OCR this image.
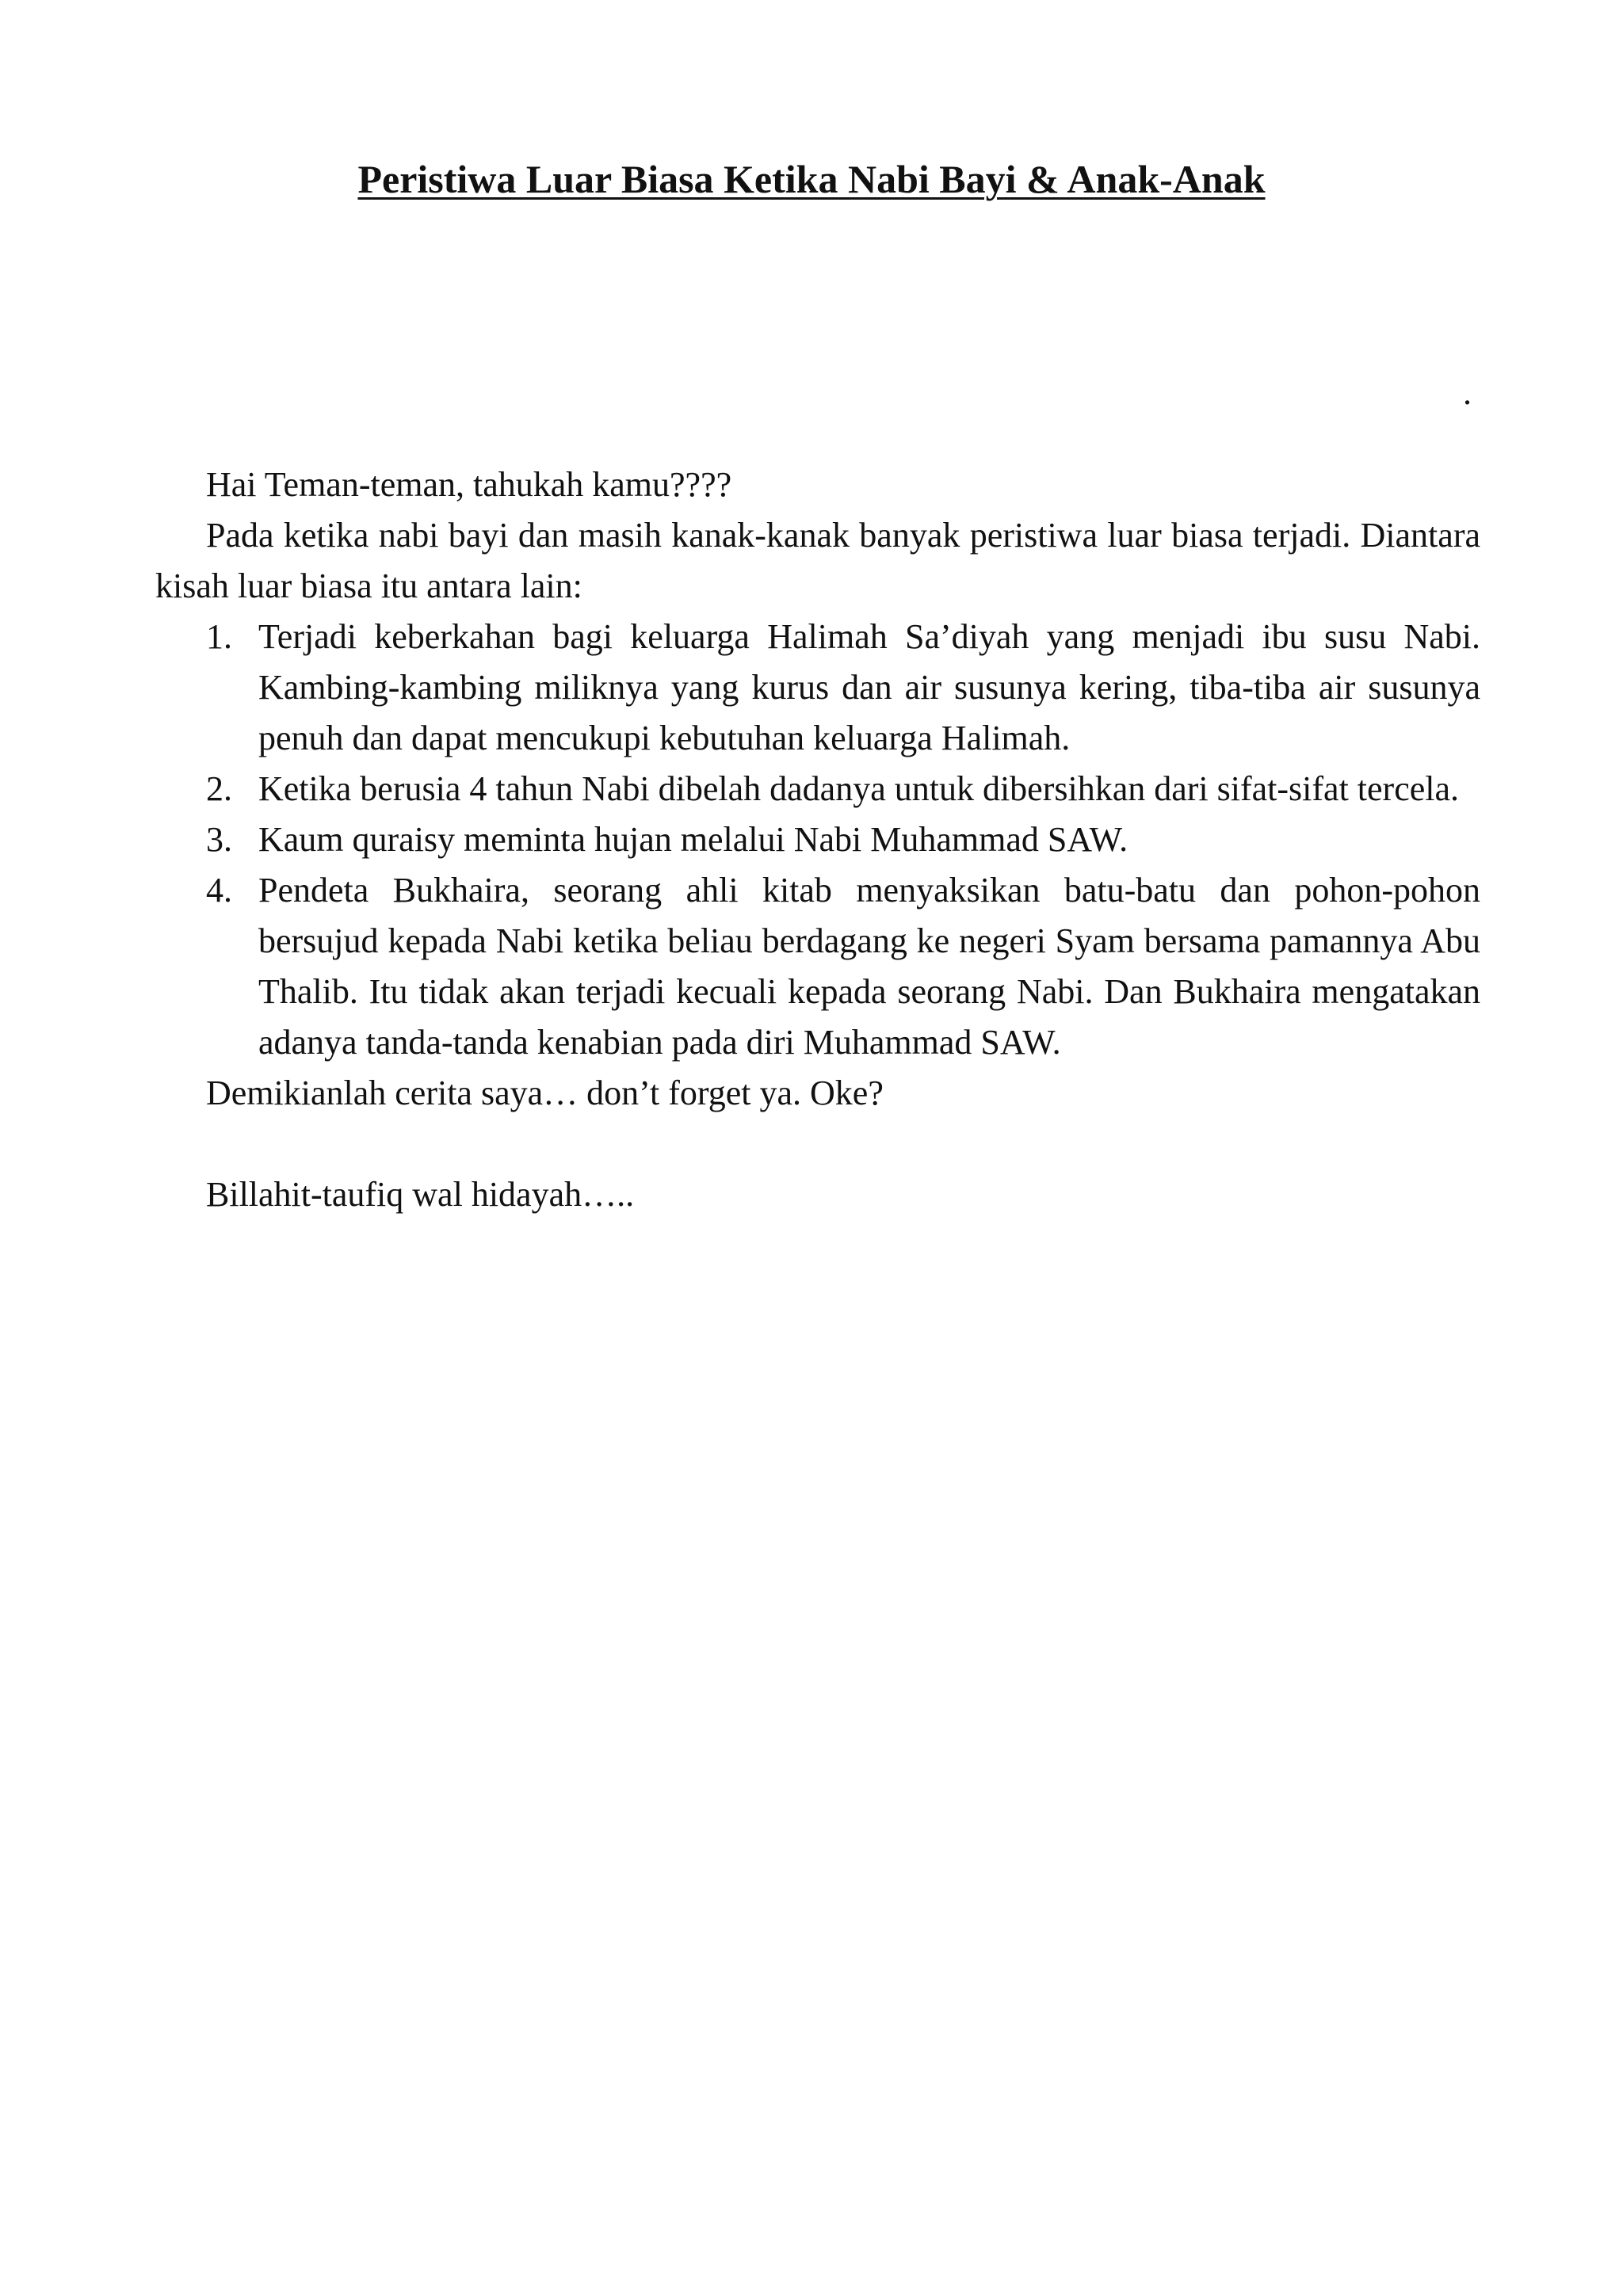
Peristiwa Luar Biasa Ketika Nabi Bayi & Anak-Anak
.

Hai Teman-teman, tahukah kamu????

Pada ketika nabi bayi dan masih kanak-kanak banyak peristiwa luar biasa terjadi. Diantara kisah luar biasa itu antara lain:

1. Terjadi keberkahan bagi keluarga Halimah Sa’diyah yang menjadi ibu susu Nabi. Kambing-kambing miliknya yang kurus dan air susunya kering, tiba-tiba air susunya penuh dan dapat mencukupi kebutuhan keluarga Halimah.
2. Ketika berusia 4 tahun Nabi dibelah dadanya untuk dibersihkan dari sifat-sifat tercela.
3. Kaum quraisy meminta hujan melalui Nabi Muhammad SAW.
4. Pendeta Bukhaira, seorang ahli kitab menyaksikan batu-batu dan pohon-pohon bersujud kepada Nabi ketika beliau berdagang ke negeri Syam bersama pamannya Abu Thalib. Itu tidak akan terjadi kecuali kepada seorang Nabi. Dan Bukhaira mengatakan adanya tanda-tanda kenabian pada diri Muhammad SAW.

Demikianlah cerita saya… don’t forget ya. Oke?

Billahit-taufiq wal hidayah…..
